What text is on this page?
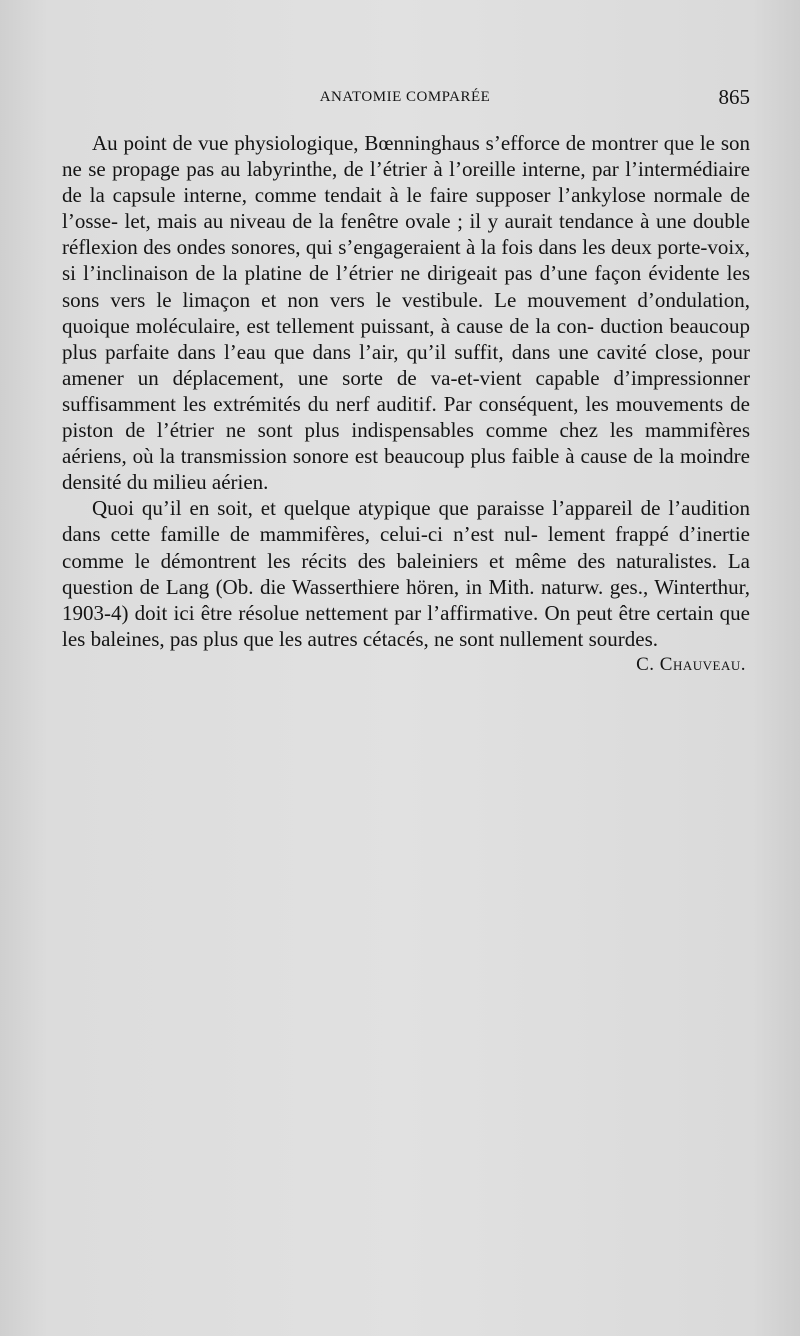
ANATOMIE COMPARÉE	865

Au point de vue physiologique, Bœnninghaus s’efforce de montrer que le son ne se propage pas au labyrinthe, de l’étrier à l’oreille interne, par l’intermédiaire de la capsule interne, comme tendait à le faire supposer l’ankylose normale de l’osse- let, mais au niveau de la fenêtre ovale ; il y aurait tendance à une double réflexion des ondes sonores, qui s’engageraient à la fois dans les deux porte-voix, si l’inclinaison de la platine de l’étrier ne dirigeait pas d’une façon évidente les sons vers le limaçon et non vers le vestibule. Le mouvement d’ondulation, quoique moléculaire, est tellement puissant, à cause de la con- duction beaucoup plus parfaite dans l’eau que dans l’air, qu’il suffit, dans une cavité close, pour amener un déplacement, une sorte de va-et-vient capable d’impressionner suffisamment les extrémités du nerf auditif. Par conséquent, les mouvements de piston de l’étrier ne sont plus indispensables comme chez les mammifères aériens, où la transmission sonore est beaucoup plus faible à cause de la moindre densité du milieu aérien.

Quoi qu’il en soit, et quelque atypique que paraisse l’appareil de l’audition dans cette famille de mammifères, celui-ci n’est nul- lement frappé d’inertie comme le démontrent les récits des baleiniers et même des naturalistes. La question de Lang (Ob. die Wasserthiere hören, in Mith. naturw. ges., Winterthur, 1903-4) doit ici être résolue nettement par l’affirmative. On peut être certain que les baleines, pas plus que les autres cétacés, ne sont nullement sourdes.

C. Chauveau.
